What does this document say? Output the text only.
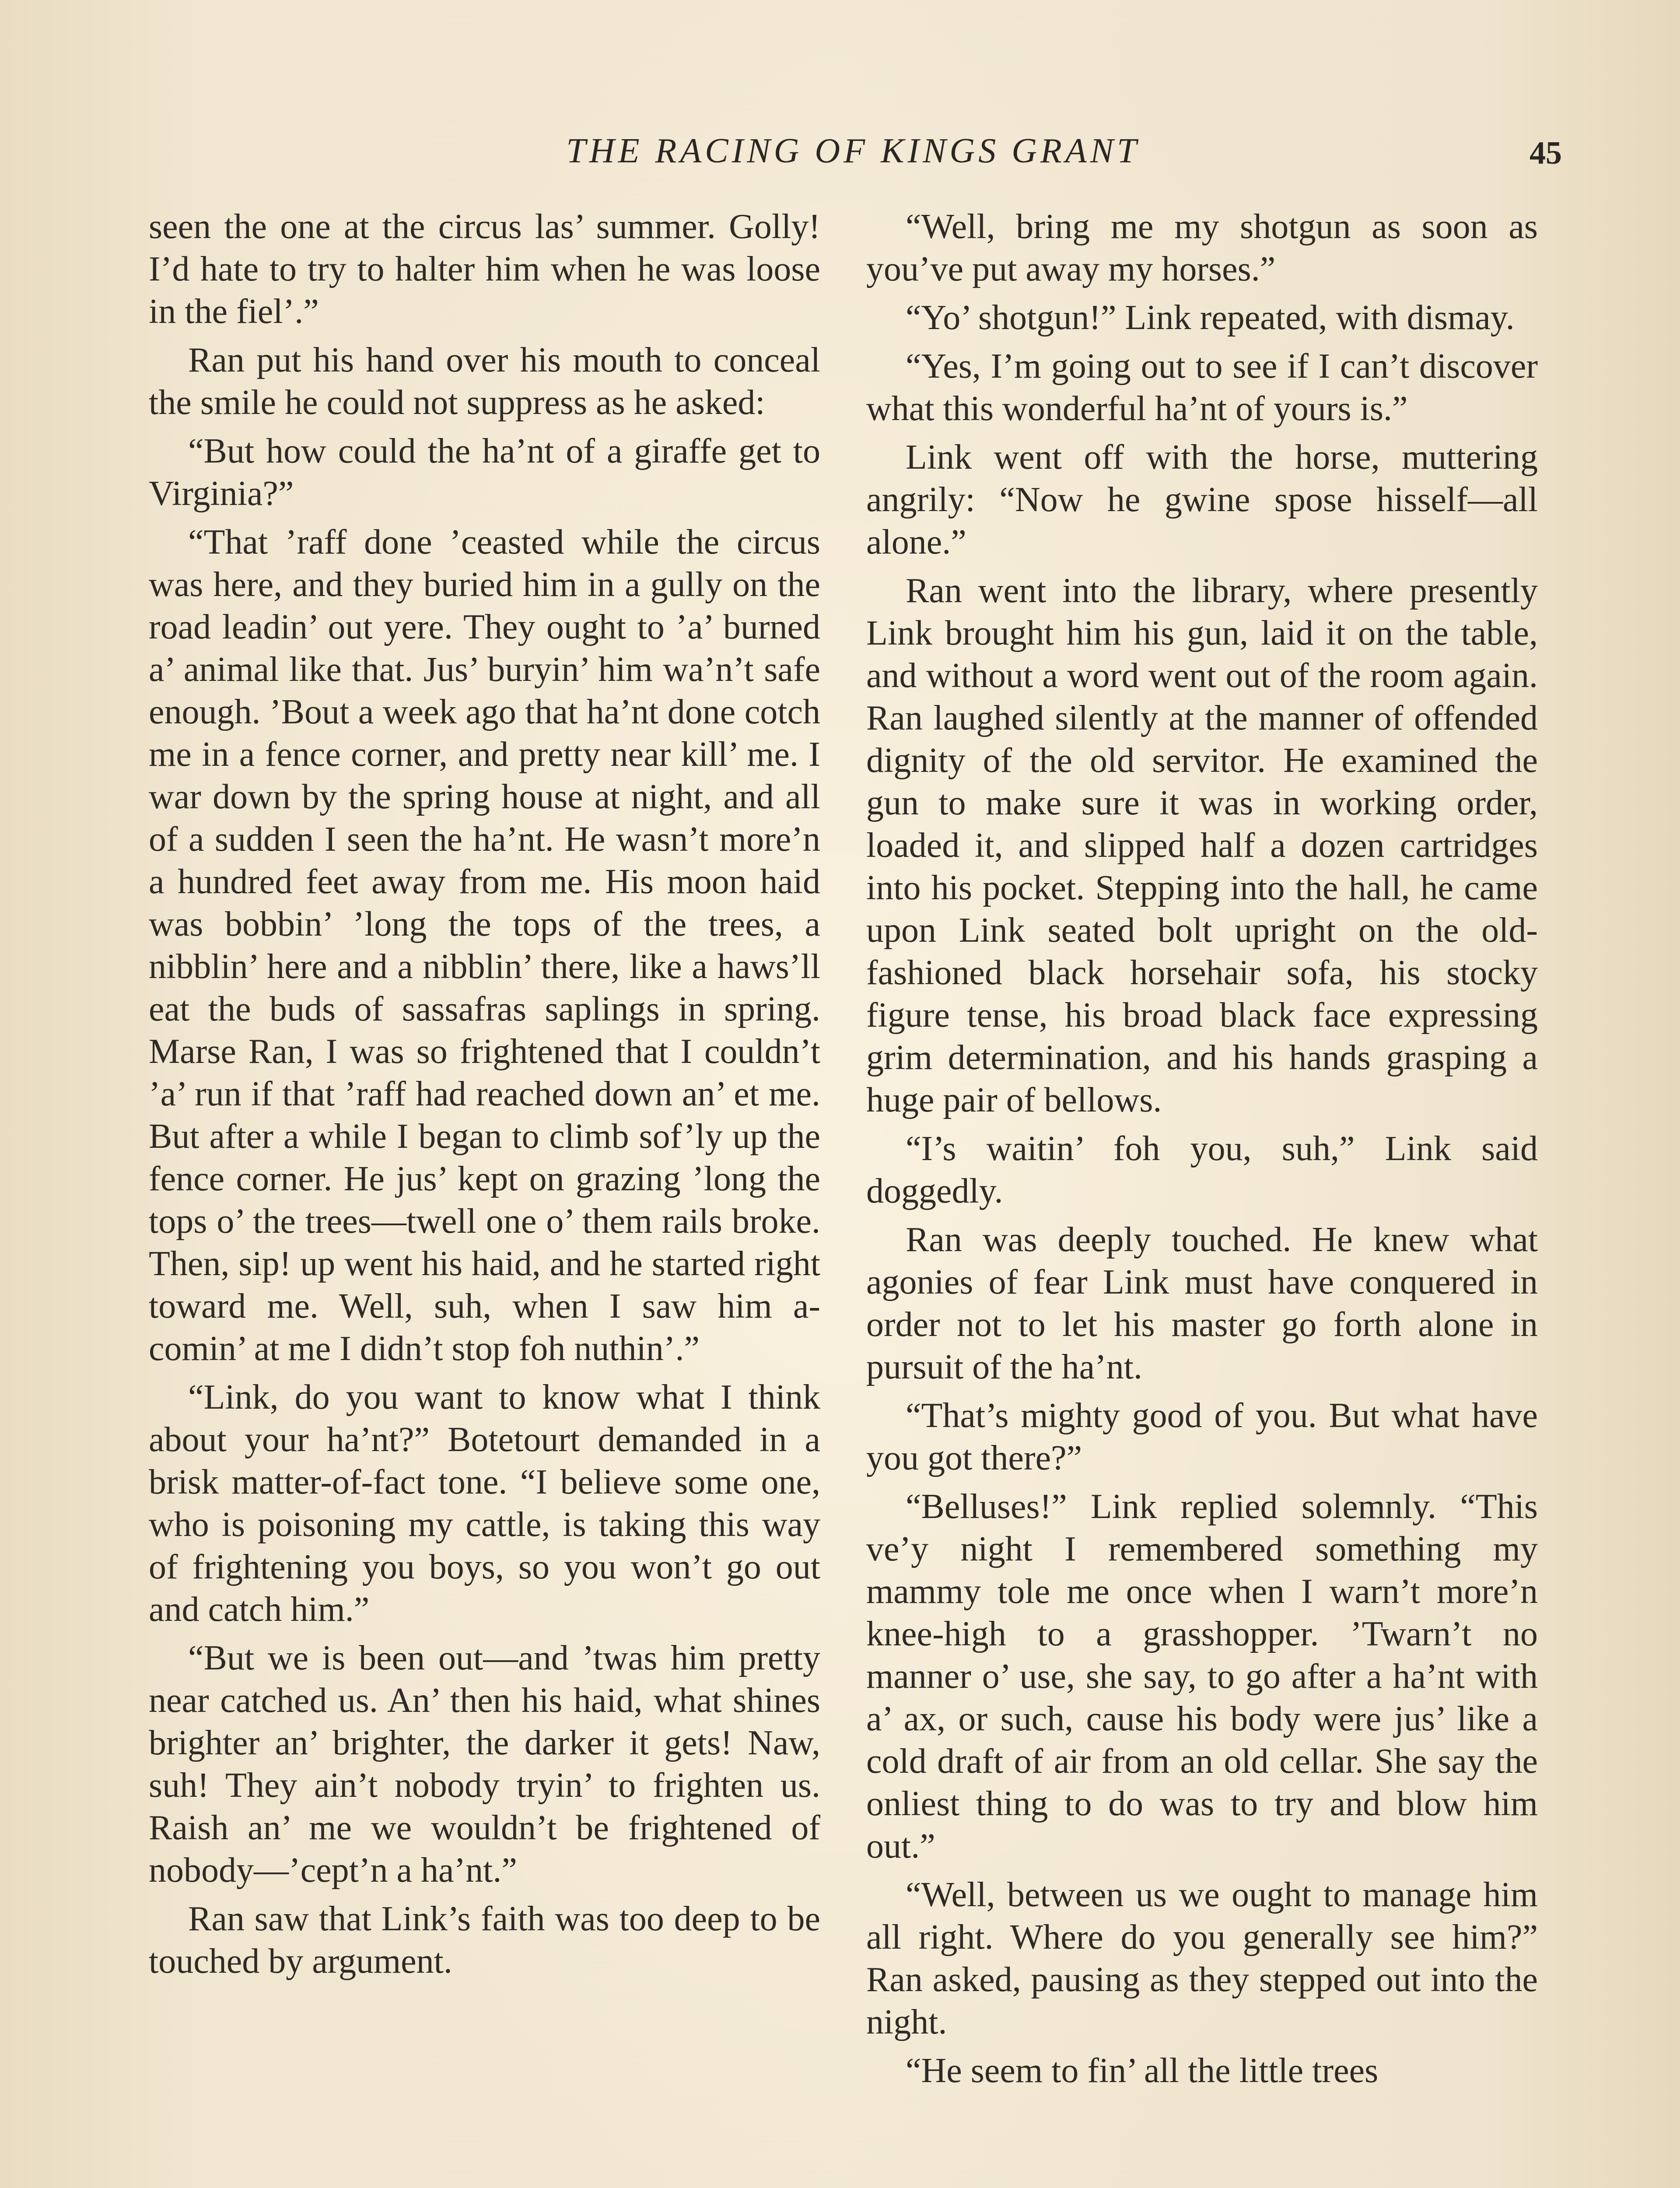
THE RACING OF KINGS GRANT	45

seen the one at the circus las’ summer. Golly! I’d hate to try to halter him when he was loose in the fiel’.”

Ran put his hand over his mouth to conceal the smile he could not suppress as he asked:

“But how could the ha’nt of a giraffe get to Virginia?”

“That ’raff done ’ceasted while the circus was here, and they buried him in a gully on the road leadin’ out yere. They ought to ’a’ burned a’ animal like that. Jus’ buryin’ him wa’n’t safe enough. ’Bout a week ago that ha’nt done cotch me in a fence corner, and pretty near kill’ me. I war down by the spring house at night, and all of a sudden I seen the ha’nt. He wasn’t more’n a hundred feet away from me. His moon haid was bobbin’ ’long the tops of the trees, a nibblin’ here and a nibblin’ there, like a haws’ll eat the buds of sassafras saplings in spring. Marse Ran, I was so frightened that I couldn’t ’a’ run if that ’raff had reached down an’ et me. But after a while I began to climb sof’ly up the fence corner. He jus’ kept on grazing ’long the tops o’ the trees—twell one o’ them rails broke. Then, sip! up went his haid, and he started right toward me. Well, suh, when I saw him a-comin’ at me I didn’t stop foh nuthin’.”

“Link, do you want to know what I think about your ha’nt?” Botetourt demanded in a brisk matter-of-fact tone. “I believe some one, who is poisoning my cattle, is taking this way of frightening you boys, so you won’t go out and catch him.”

“But we is been out—and ’twas him pretty near catched us. An’ then his haid, what shines brighter an’ brighter, the darker it gets! Naw, suh! They ain’t nobody tryin’ to frighten us. Raish an’ me we wouldn’t be frightened of nobody—’cept’n a ha’nt.”

Ran saw that Link’s faith was too deep to be touched by argument.

“Well, bring me my shotgun as soon as you’ve put away my horses.”

“Yo’ shotgun!” Link repeated, with dismay.

“Yes, I’m going out to see if I can’t discover what this wonderful ha’nt of yours is.”

Link went off with the horse, muttering angrily: “Now he gwine spose hisself—all alone.”

Ran went into the library, where presently Link brought him his gun, laid it on the table, and without a word went out of the room again. Ran laughed silently at the manner of offended dignity of the old servitor. He examined the gun to make sure it was in working order, loaded it, and slipped half a dozen cartridges into his pocket. Stepping into the hall, he came upon Link seated bolt upright on the old-fashioned black horsehair sofa, his stocky figure tense, his broad black face expressing grim determination, and his hands grasping a huge pair of bellows.

“I’s waitin’ foh you, suh,” Link said doggedly.

Ran was deeply touched. He knew what agonies of fear Link must have conquered in order not to let his master go forth alone in pursuit of the ha’nt.

“That’s mighty good of you. But what have you got there?”

“Belluses!” Link replied solemnly. “This ve’y night I remembered something my mammy tole me once when I warn’t more’n knee-high to a grasshopper. ’Twarn’t no manner o’ use, she say, to go after a ha’nt with a’ ax, or such, cause his body were jus’ like a cold draft of air from an old cellar. She say the onliest thing to do was to try and blow him out.”

“Well, between us we ought to manage him all right. Where do you generally see him?” Ran asked, pausing as they stepped out into the night.

“He seem to fin’ all the little trees
